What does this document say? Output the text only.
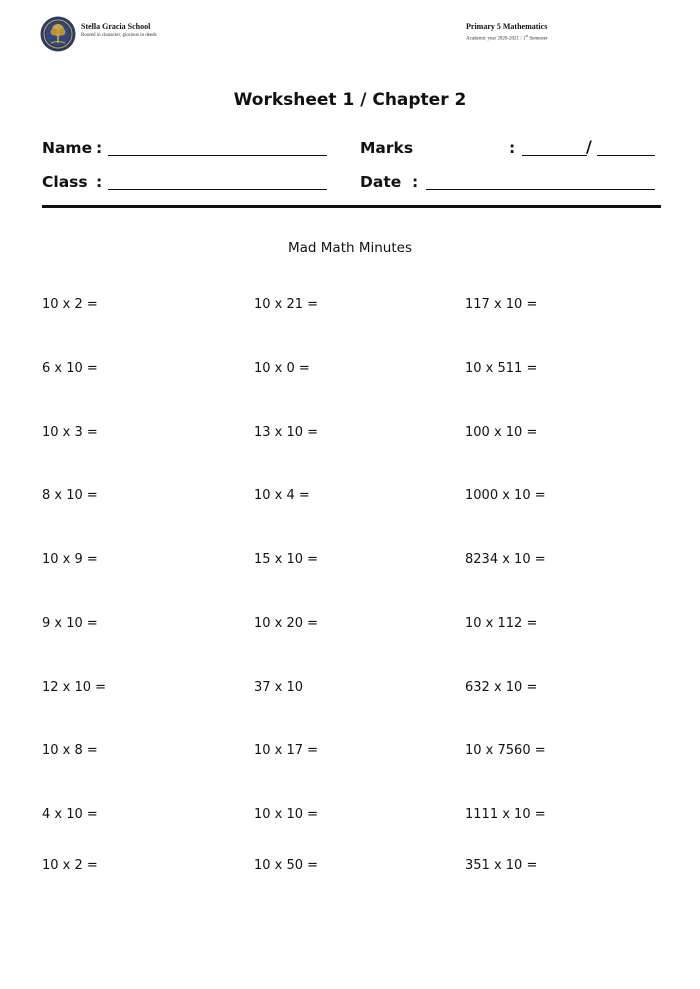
Stella Gracia School
Rooted in character, glorious in deeds
Primary 5 Mathematics
Academic year 2020-2021 / 1st Semester
Worksheet 1 / Chapter 2
Name :	Marks	:	/
Class :	Date :
Mad Math Minutes
10 x 2 =	10 x 21 =	117 x 10 =
6 x 10 =	10 x 0 =	10 x 511 =
10 x 3 =	13 x 10 =	100 x 10 =
8 x 10 =	10 x 4 =	1000 x 10 =
10 x 9 =	15 x 10 =	8234 x 10 =
9 x 10 =	10 x 20 =	10 x 112 =
12 x 10 =	37 x 10	632 x 10 =
10 x 8 =	10 x 17 =	10 x 7560 =
4 x 10 =	10 x 10 =	1111 x 10 =
10 x 2 =	10 x 50 =	351 x 10 =
